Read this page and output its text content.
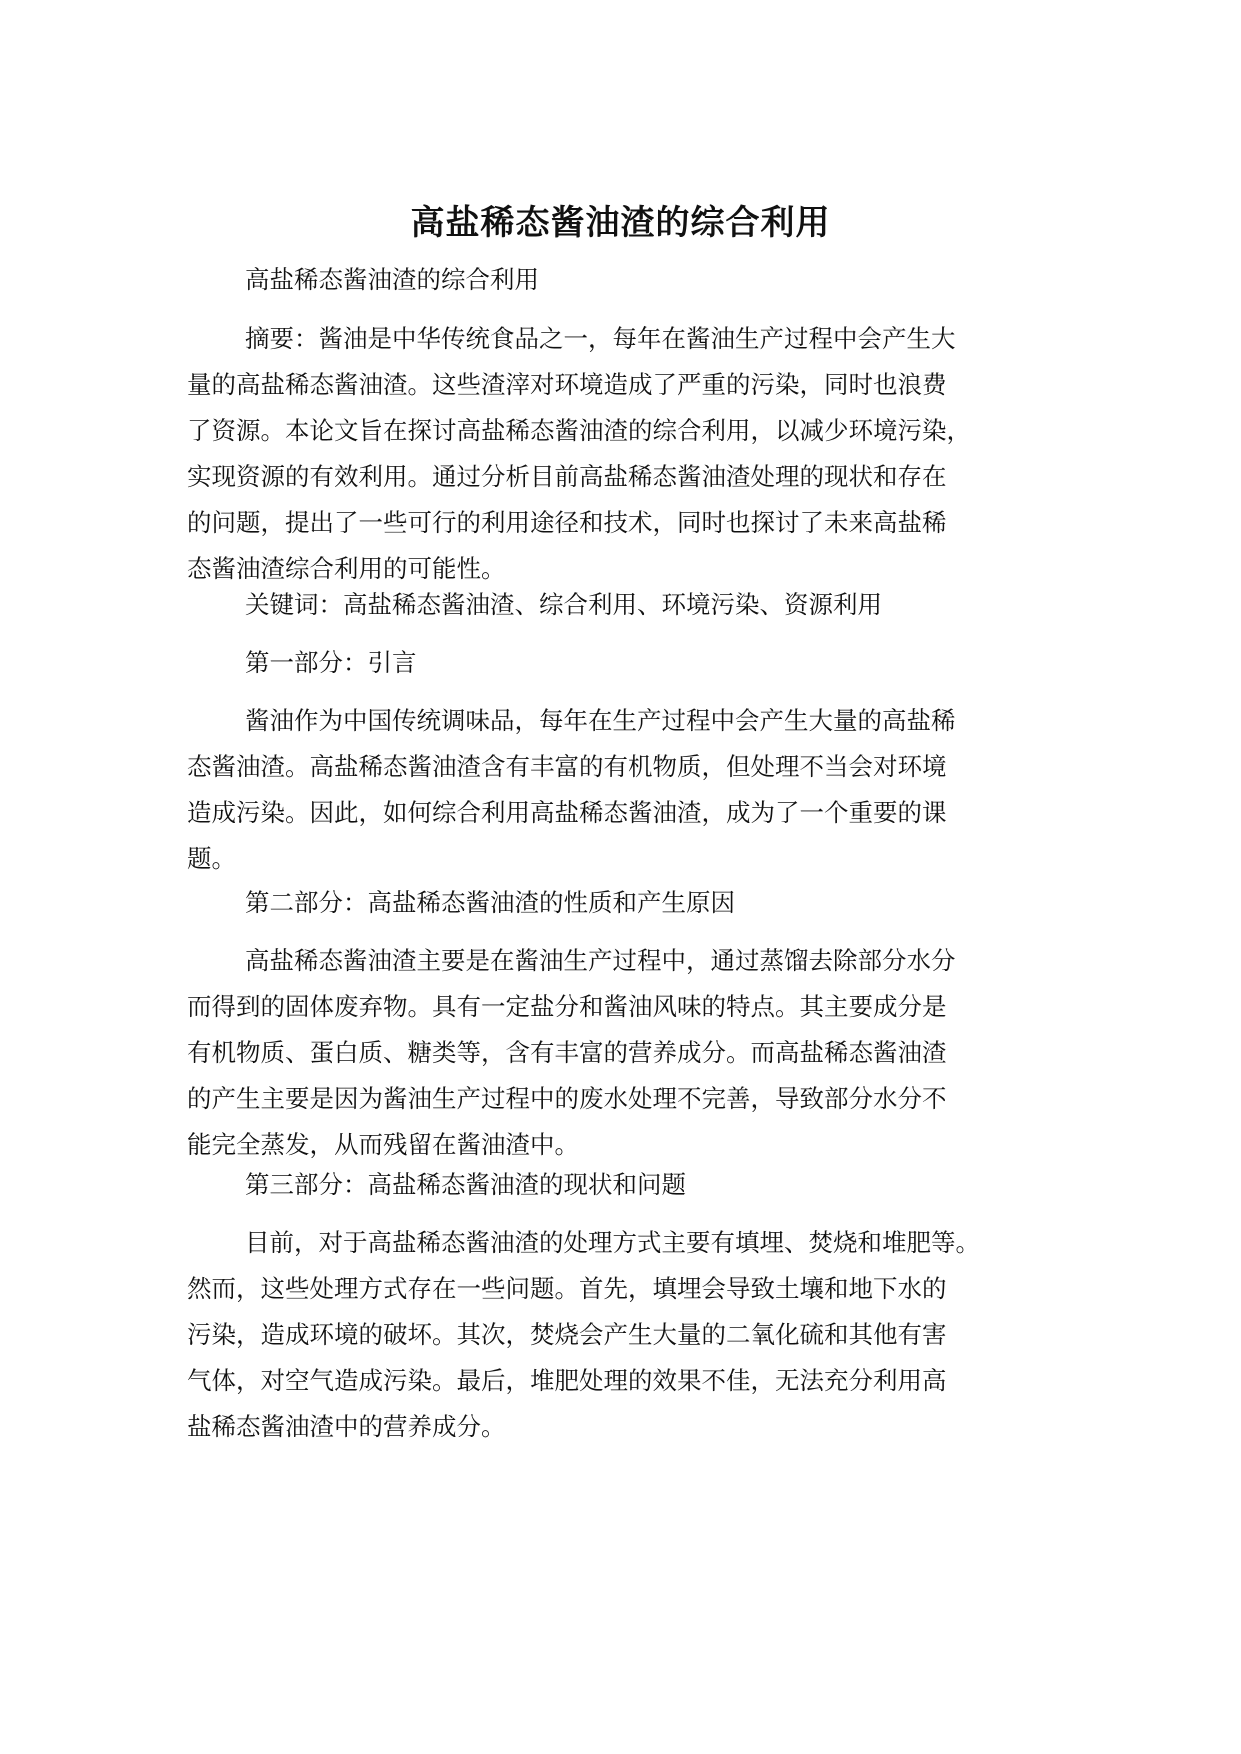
高盐稀态酱油渣的综合利用
高盐稀态酱油渣的综合利用
摘要：酱油是中华传统食品之一，每年在酱油生产过程中会产生大
量的高盐稀态酱油渣。这些渣滓对环境造成了严重的污染，同时也浪费
了资源。本论文旨在探讨高盐稀态酱油渣的综合利用，以减少环境污染，
实现资源的有效利用。通过分析目前高盐稀态酱油渣处理的现状和存在
的问题，提出了一些可行的利用途径和技术，同时也探讨了未来高盐稀
态酱油渣综合利用的可能性。
关键词：高盐稀态酱油渣、综合利用、环境污染、资源利用
第一部分：引言
酱油作为中国传统调味品，每年在生产过程中会产生大量的高盐稀
态酱油渣。高盐稀态酱油渣含有丰富的有机物质，但处理不当会对环境
造成污染。因此，如何综合利用高盐稀态酱油渣，成为了一个重要的课
题。
第二部分：高盐稀态酱油渣的性质和产生原因
高盐稀态酱油渣主要是在酱油生产过程中，通过蒸馏去除部分水分
而得到的固体废弃物。具有一定盐分和酱油风味的特点。其主要成分是
有机物质、蛋白质、糖类等，含有丰富的营养成分。而高盐稀态酱油渣
的产生主要是因为酱油生产过程中的废水处理不完善，导致部分水分不
能完全蒸发，从而残留在酱油渣中。
第三部分：高盐稀态酱油渣的现状和问题
目前，对于高盐稀态酱油渣的处理方式主要有填埋、焚烧和堆肥等。
然而，这些处理方式存在一些问题。首先，填埋会导致土壤和地下水的
污染，造成环境的破坏。其次，焚烧会产生大量的二氧化硫和其他有害
气体，对空气造成污染。最后，堆肥处理的效果不佳，无法充分利用高
盐稀态酱油渣中的营养成分。
